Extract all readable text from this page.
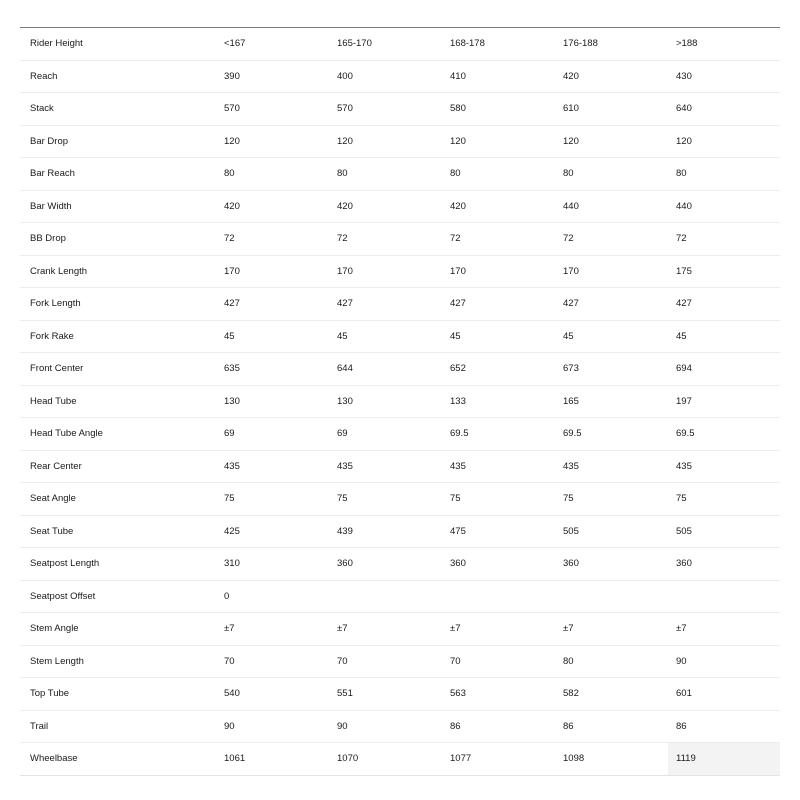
Rider Height	<167	165-170	168-178	176-188	>188
Reach	390	400	410	420	430
Stack	570	570	580	610	640
Bar Drop	120	120	120	120	120
Bar Reach	80	80	80	80	80
Bar Width	420	420	420	440	440
BB Drop	72	72	72	72	72
Crank Length	170	170	170	170	175
Fork Length	427	427	427	427	427
Fork Rake	45	45	45	45	45
Front Center	635	644	652	673	694
Head Tube	130	130	133	165	197
Head Tube Angle	69	69	69.5	69.5	69.5
Rear Center	435	435	435	435	435
Seat Angle	75	75	75	75	75
Seat Tube	425	439	475	505	505
Seatpost Length	310	360	360	360	360
Seatpost Offset	0
Stem Angle	±7	±7	±7	±7	±7
Stem Length	70	70	70	80	90
Top Tube	540	551	563	582	601
Trail	90	90	86	86	86
Wheelbase	1061	1070	1077	1098	1119
